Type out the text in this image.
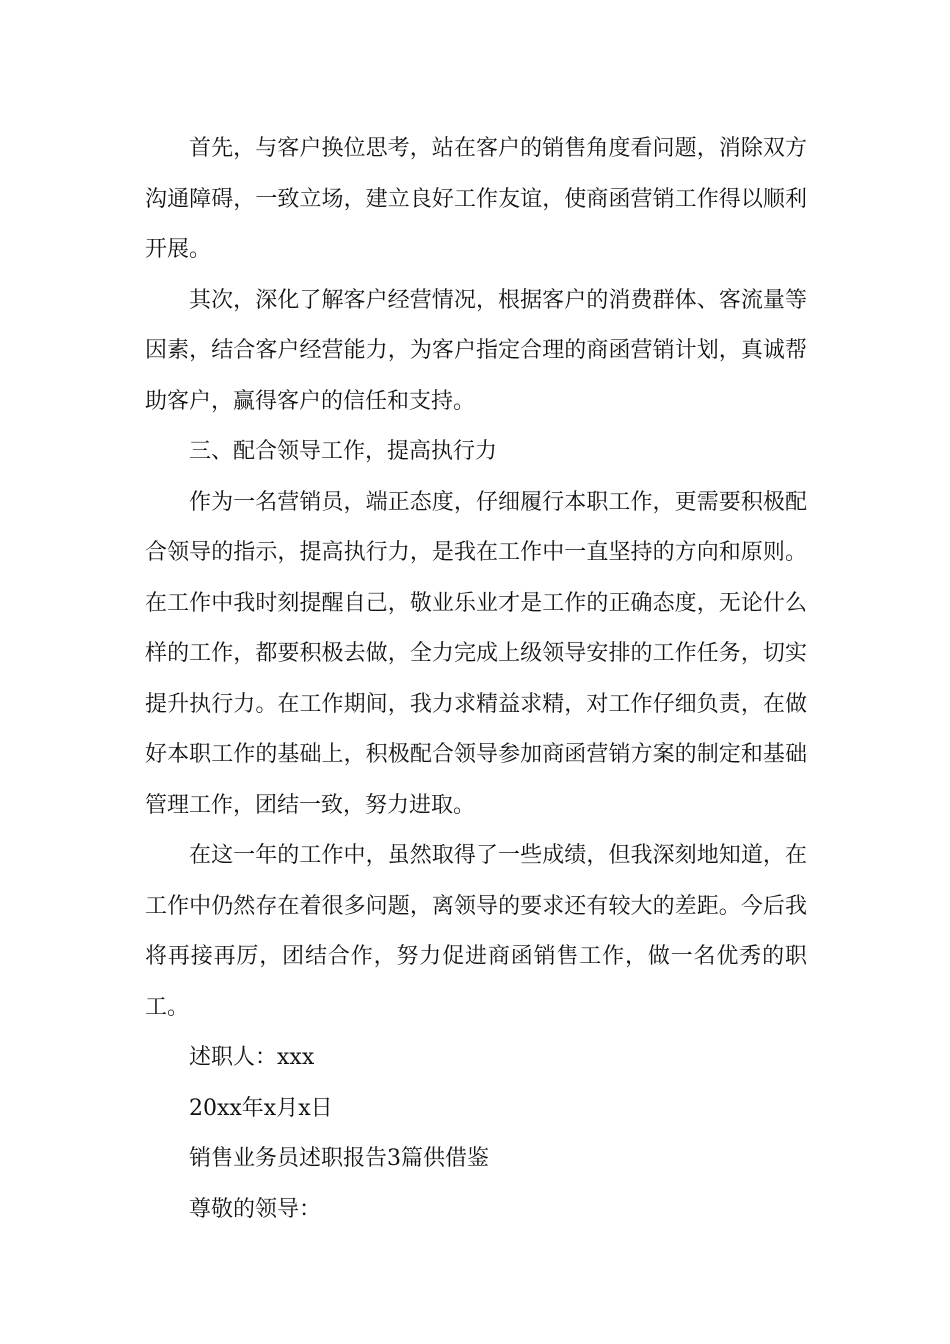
首先，与客户换位思考，站在客户的销售角度看问题，消除双方沟通障碍，一致立场，建立良好工作友谊，使商函营销工作得以顺利开展。

其次，深化了解客户经营情况，根据客户的消费群体、客流量等因素，结合客户经营能力，为客户指定合理的商函营销计划，真诚帮助客户，赢得客户的信任和支持。

三、配合领导工作，提高执行力

作为一名营销员，端正态度，仔细履行本职工作，更需要积极配合领导的指示，提高执行力，是我在工作中一直坚持的方向和原则。在工作中我时刻提醒自己，敬业乐业才是工作的正确态度，无论什么样的工作，都要积极去做，全力完成上级领导安排的工作任务，切实提升执行力。在工作期间，我力求精益求精，对工作仔细负责，在做好本职工作的基础上，积极配合领导参加商函营销方案的制定和基础管理工作，团结一致，努力进取。

在这一年的工作中，虽然取得了一些成绩，但我深刻地知道，在工作中仍然存在着很多问题，离领导的要求还有较大的差距。今后我将再接再厉，团结合作，努力促进商函销售工作，做一名优秀的职工。

述职人：xxx

20xx年x月x日

销售业务员述职报告3篇供借鉴

尊敬的领导：
